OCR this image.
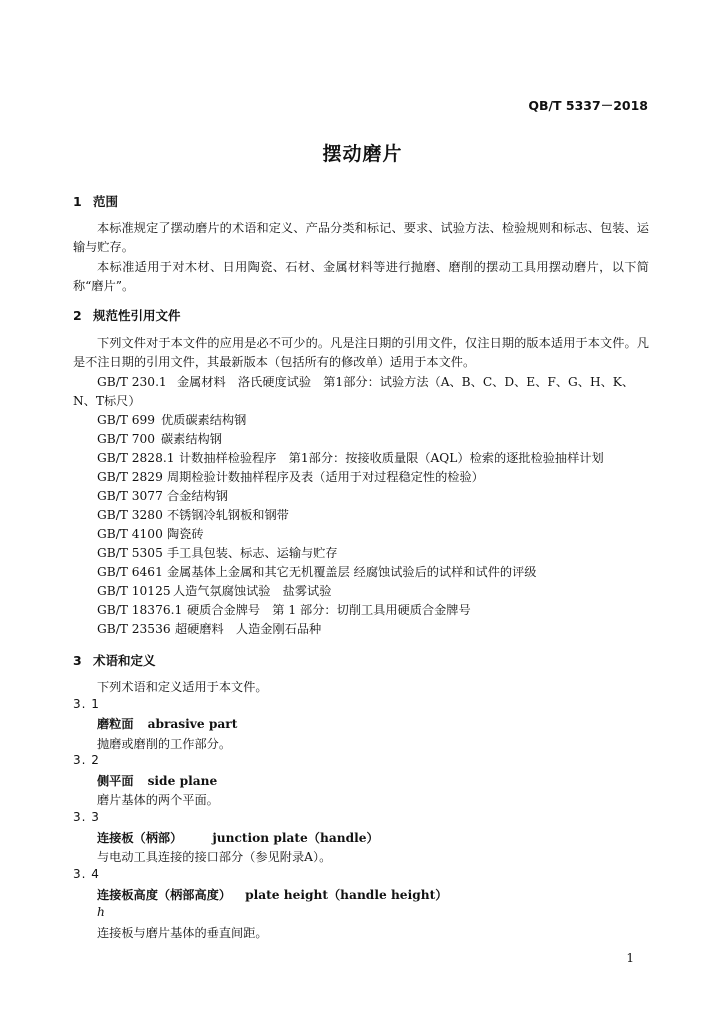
QB/T 5337－2018
摆动磨片
1 范围
本标准规定了摆动磨片的术语和定义、产品分类和标记、要求、试验方法、检验规则和标志、包装、运输与贮存。
本标准适用于对木材、日用陶瓷、石材、金属材料等进行抛磨、磨削的摆动工具用摆动磨片，以下简称“磨片”。
2 规范性引用文件
下列文件对于本文件的应用是必不可少的。凡是注日期的引用文件，仅注日期的版本适用于本文件。凡是不注日期的引用文件，其最新版本（包括所有的修改单）适用于本文件。
GB/T 230.1 金属材料　洛氏硬度试验　第1部分：试验方法（A、B、C、D、E、F、G、H、K、
N、T标尺）
GB/T 699 优质碳素结构钢
GB/T 700 碳素结构钢
GB/T 2828.1 计数抽样检验程序　第1部分：按接收质量限（AQL）检索的逐批检验抽样计划
GB/T 2829 周期检验计数抽样程序及表（适用于对过程稳定性的检验）
GB/T 3077 合金结构钢
GB/T 3280 不锈钢冷轧钢板和钢带
GB/T 4100 陶瓷砖
GB/T 5305 手工具包装、标志、运输与贮存
GB/T 6461 金属基体上金属和其它无机覆盖层 经腐蚀试验后的试样和试件的评级
GB/T 10125 人造气氛腐蚀试验　盐雾试验
GB/T 18376.1 硬质合金牌号　第 1 部分：切削工具用硬质合金牌号
GB/T 23536 超硬磨料　人造金刚石品种
3 术语和定义
下列术语和定义适用于本文件。
3. 1
磨粒面 abrasive part
抛磨或磨削的工作部分。
3. 2
侧平面 side plane
磨片基体的两个平面。
3. 3
连接板（柄部） junction plate（handle）
与电动工具连接的接口部分（参见附录A）。
3. 4
连接板高度（柄部高度） plate height（handle height）
h
连接板与磨片基体的垂直间距。
1
